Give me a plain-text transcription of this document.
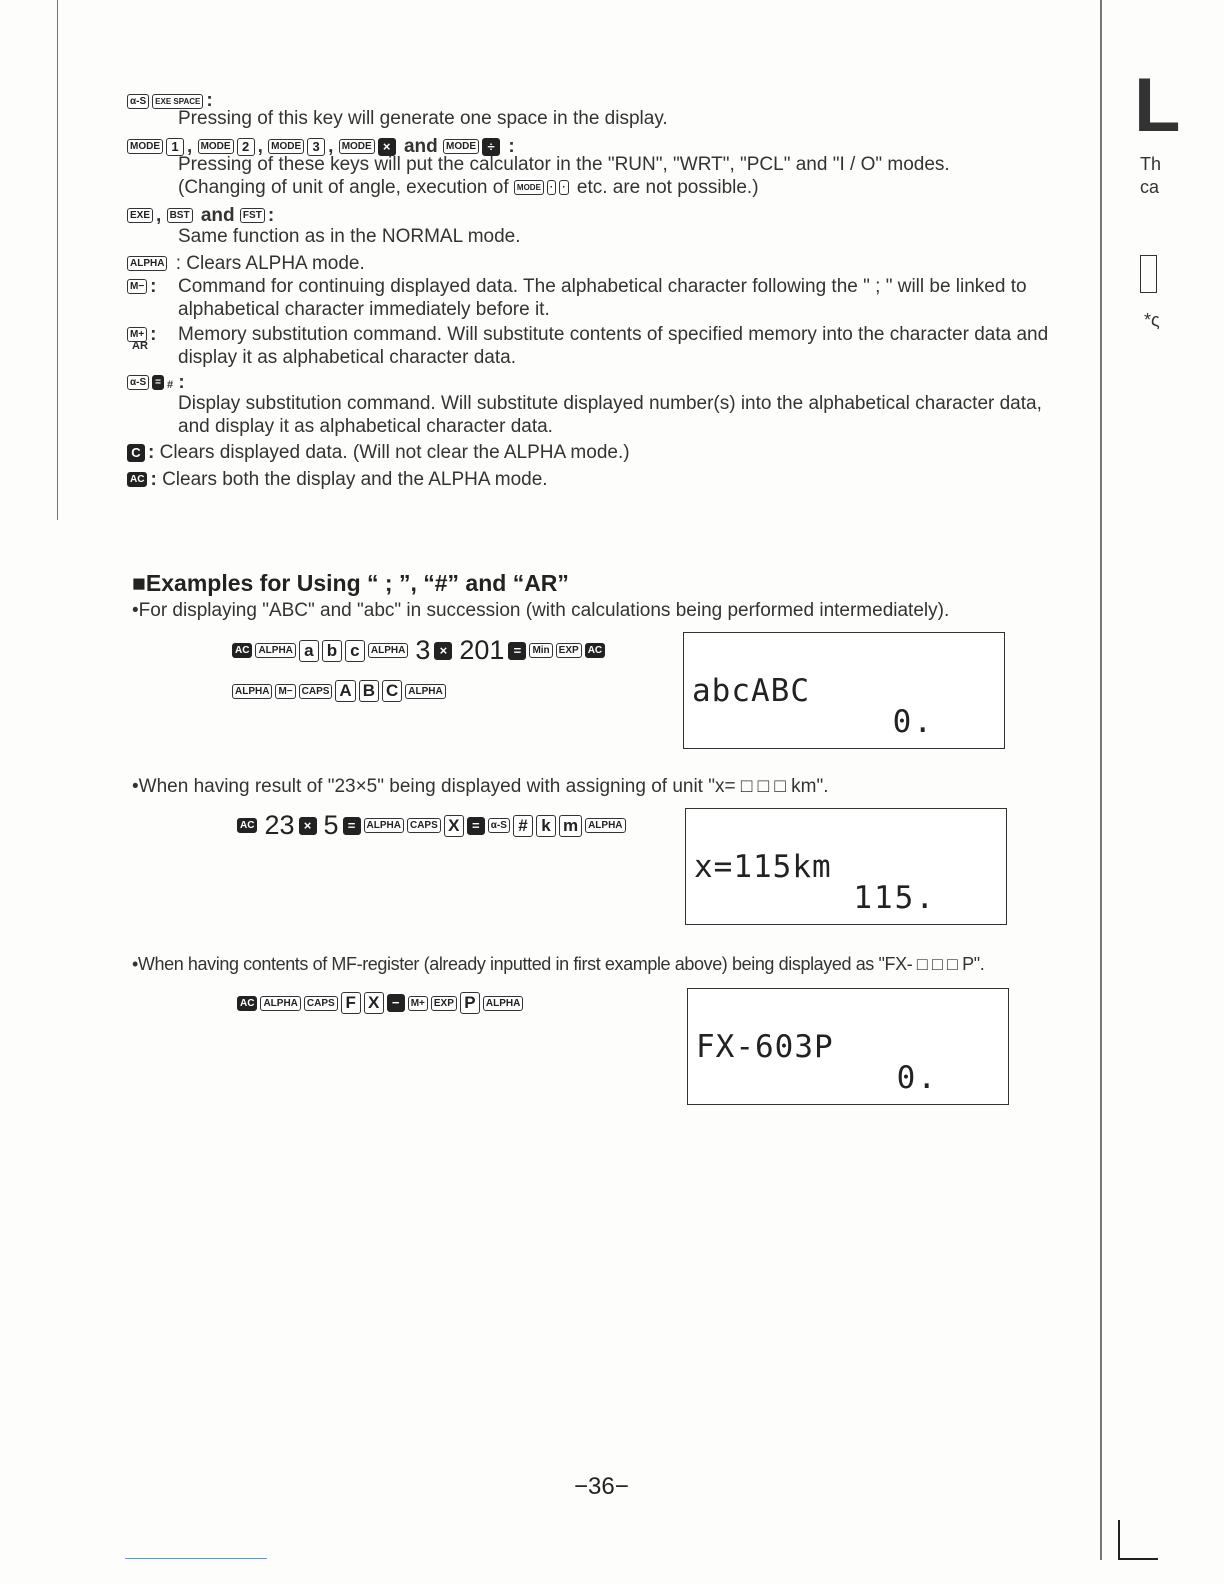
L
Th
ca
*ς
α-S EXE SPACE :
Pressing of this key will generate one space in the display.
MODE 1 , MODE 2 , MODE 3 , MODE × and MODE ÷ :
Pressing of these keys will put the calculator in the "RUN", "WRT", "PCL" and "I / O" modes.
(Changing of unit of angle, execution of MODE · · etc. are not possible.)
EXE , BST and FST :
Same function as in the NORMAL mode.
ALPHA : Clears ALPHA mode.
M− : Command for continuing displayed data. The alphabetical character following the " ; " will be linked to
alphabetical character immediately before it.
M+ :
AR
Memory substitution command. Will substitute contents of specified memory into the character data and
display it as alphabetical character data.
α-S = # :
Display substitution command. Will substitute displayed number(s) into the alphabetical character data,
and display it as alphabetical character data.
C : Clears displayed data. (Will not clear the ALPHA mode.)
AC : Clears both the display and the ALPHA mode.
■Examples for Using “ ; ”, “#” and “AR”
•For displaying "ABC" and "abc" in succession (with calculations being performed intermediately).
AC ALPHA a b c	ALPHA 3 × 201 =	Min EXP AC
ALPHA M− CAPS A B C	ALPHA	abcABC
0.
•When having result of "23×5" being displayed with assigning of unit "x= □ □ □ km".
AC 23 × 5 =	ALPHA CAPS X =	α-S # k m	ALPHA
x=115km
115.
•When having contents of MF-register (already inputted in first example above) being displayed as "FX- □ □ □ P".
AC ALPHA CAPS F X −	M+ EXP P	ALPHA
FX-603P
0.
−36−
